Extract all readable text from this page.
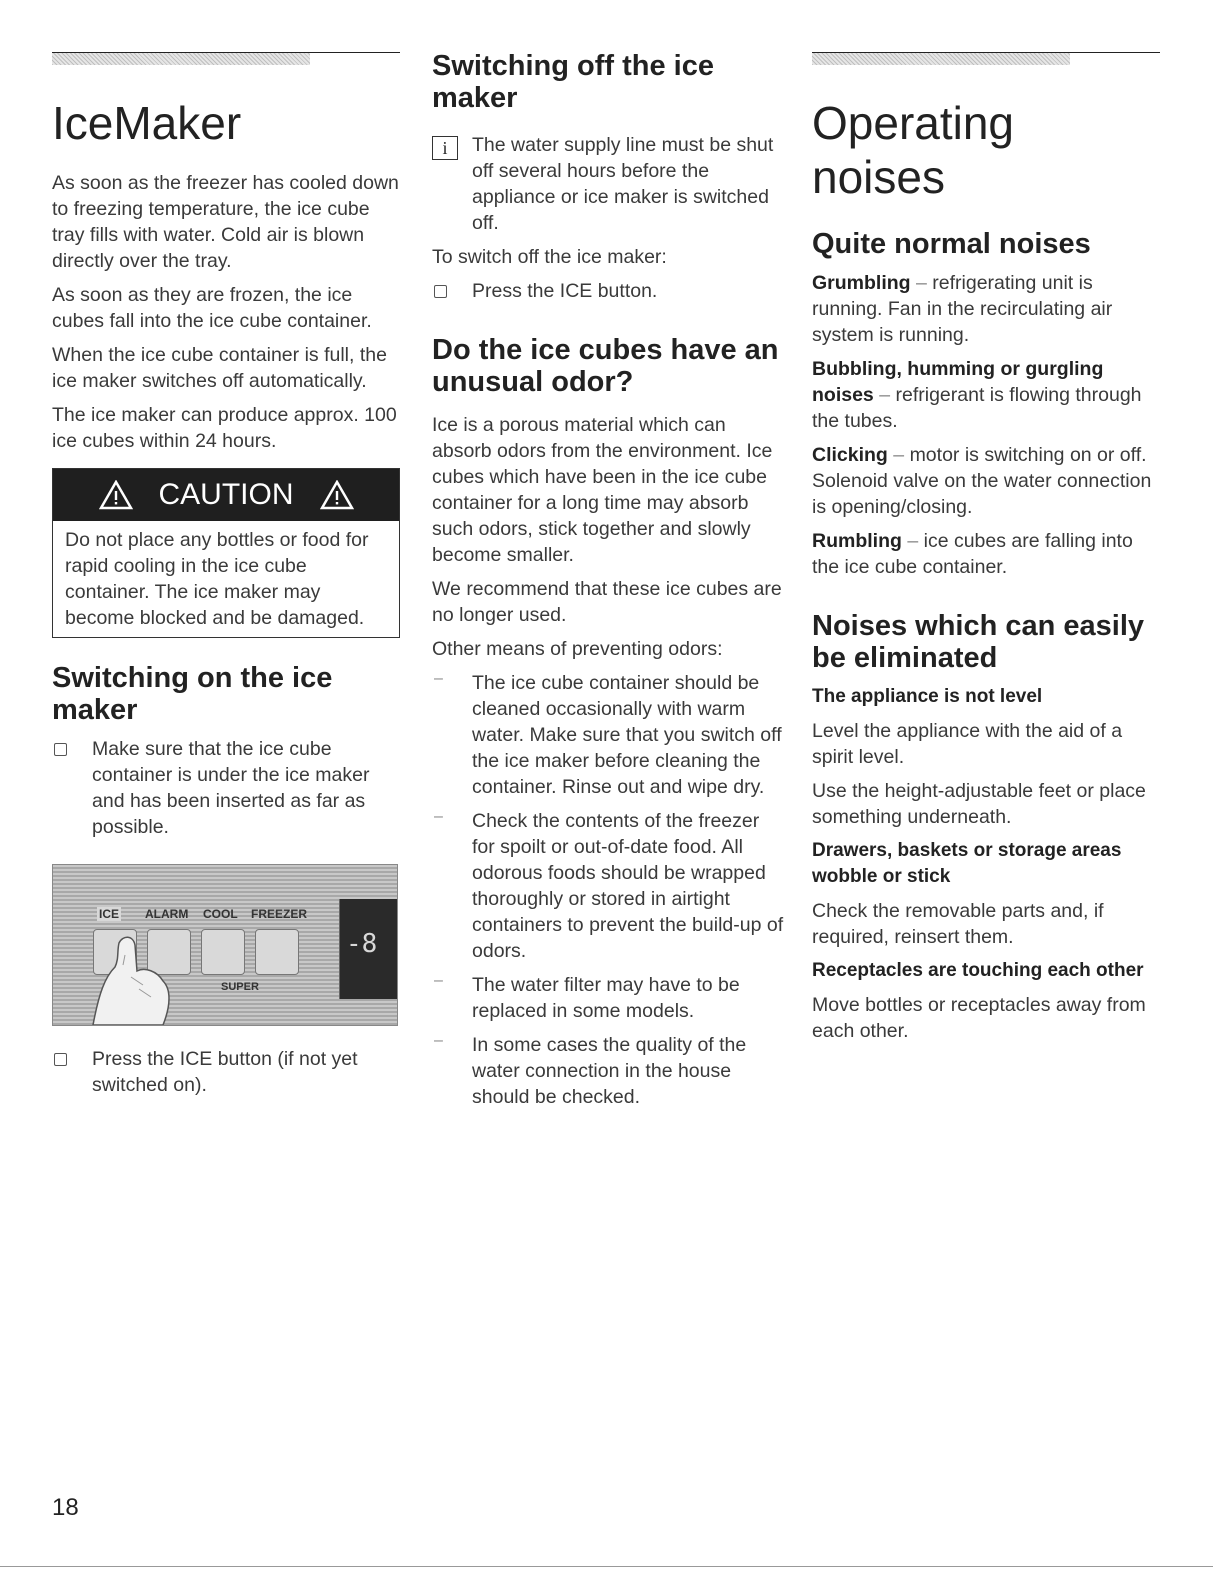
IceMaker

As soon as the freezer has cooled down to freezing temperature, the ice cube tray fills with water. Cold air is blown directly over the tray.

As soon as they are frozen, the ice cubes fall into the ice cube container.

When the ice cube container is full, the ice maker switches off automatically.

The ice maker can produce approx. 100 ice cubes within 24 hours.

CAUTION

Do not place any bottles or food for rapid cooling in the ice cube container. The ice maker may become blocked and be damaged.

Switching on the ice maker

Make sure that the ice cube container is under the ice maker and has been inserted as far as possible.

ICE ALARM COOL FREEZER
SUPER
-8

Press the ICE button (if not yet switched on).

Switching off the ice maker
i	The water supply line must be shut off several hours before the appliance or ice maker is switched off.

To switch off the ice maker:

Press the ICE button.

Do the ice cubes have an unusual odor?

Ice is a porous material which can absorb odors from the environment. Ice cubes which have been in the ice cube container for a long time may absorb such odors, stick together and slowly become smaller.

We recommend that these ice cubes are no longer used.

Other means of preventing odors:

– The ice cube container should be cleaned occasionally with warm water. Make sure that you switch off the ice maker before cleaning the container. Rinse out and wipe dry.

– Check the contents of the freezer for spoilt or out-of-date food. All odorous foods should be wrapped thoroughly or stored in airtight containers to prevent the build-up of odors.

– The water filter may have to be replaced in some models.

– In some cases the quality of the water connection in the house should be checked.

Operating noises
Quite normal noises

Grumbling – refrigerating unit is running. Fan in the recirculating air system is running.

Bubbling, humming or gurgling noises – refrigerant is flowing through the tubes.

Clicking – motor is switching on or off. Solenoid valve on the water connection is opening/closing.

Rumbling – ice cubes are falling into the ice cube container.

Noises which can easily be eliminated
The appliance is not level

Level the appliance with the aid of a spirit level.

Use the height-adjustable feet or place something underneath.

Drawers, baskets or storage areas wobble or stick

Check the removable parts and, if required, reinsert them.

Receptacles are touching each other

Move bottles or receptacles away from each other.

18
